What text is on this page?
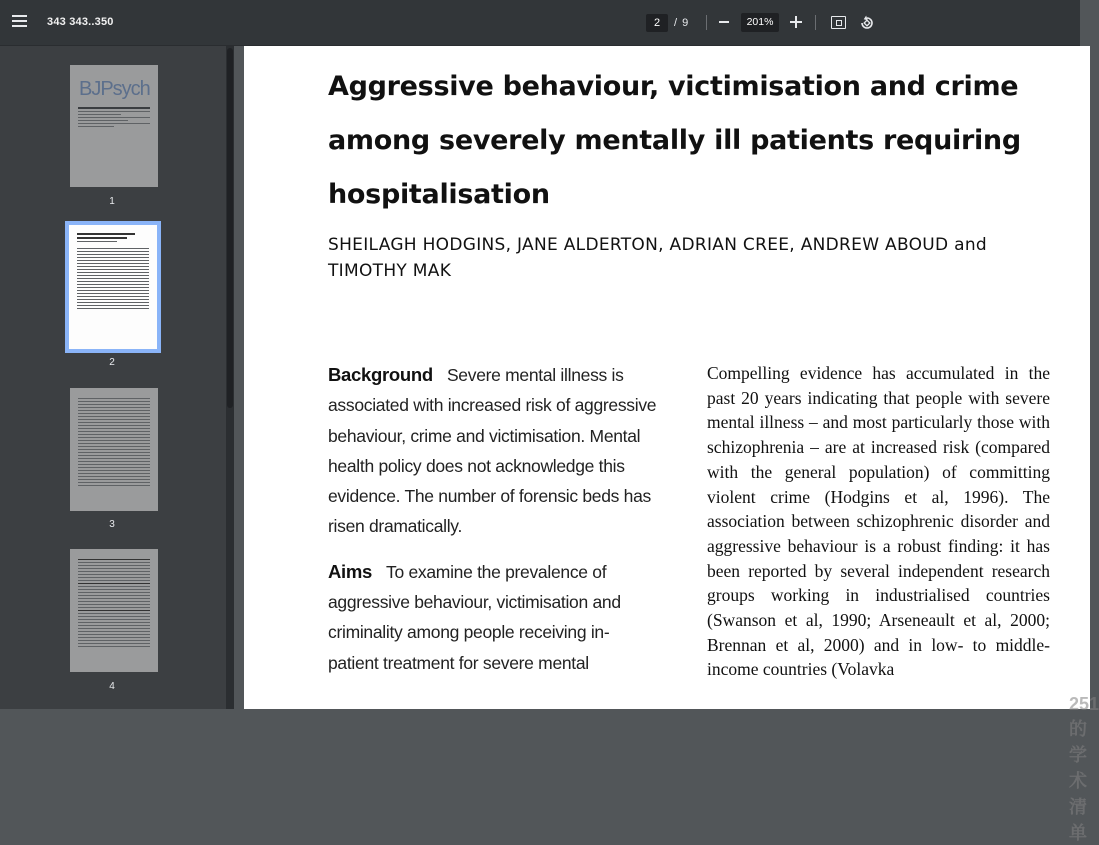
343 343..350	2	/ 9	201%
BJPsych
1
2
3
4
Aggressive behaviour, victimisation and crime among severely mentally ill patients requiring hospitalisation
SHEILAGH HODGINS, JANE ALDERTON, ADRIAN CREE, ANDREW ABOUD and TIMOTHY MAK

Background Severe mental illness is associated with increased risk of aggressive behaviour, crime and victimisation. Mental health policy does not acknowledge this evidence. The number of forensic beds has risen dramatically.

Aims To examine the prevalence of aggressive behaviour, victimisation and criminality among people receiving in-patient treatment for severe mental

Compelling evidence has accumulated in the past 20 years indicating that people with severe mental illness – and most particularly those with schizophrenia – are at increased risk (compared with the general population) of committing violent crime (Hodgins et al, 1996). The association between schizophrenic disorder and aggressive behaviour is a robust finding: it has been reported by several independent research groups working in industrialised countries (Swanson et al, 1990; Arseneault et al, 2000; Brennan et al, 2000) and in low- to middle-income countries (Volavka
251的学术清单
